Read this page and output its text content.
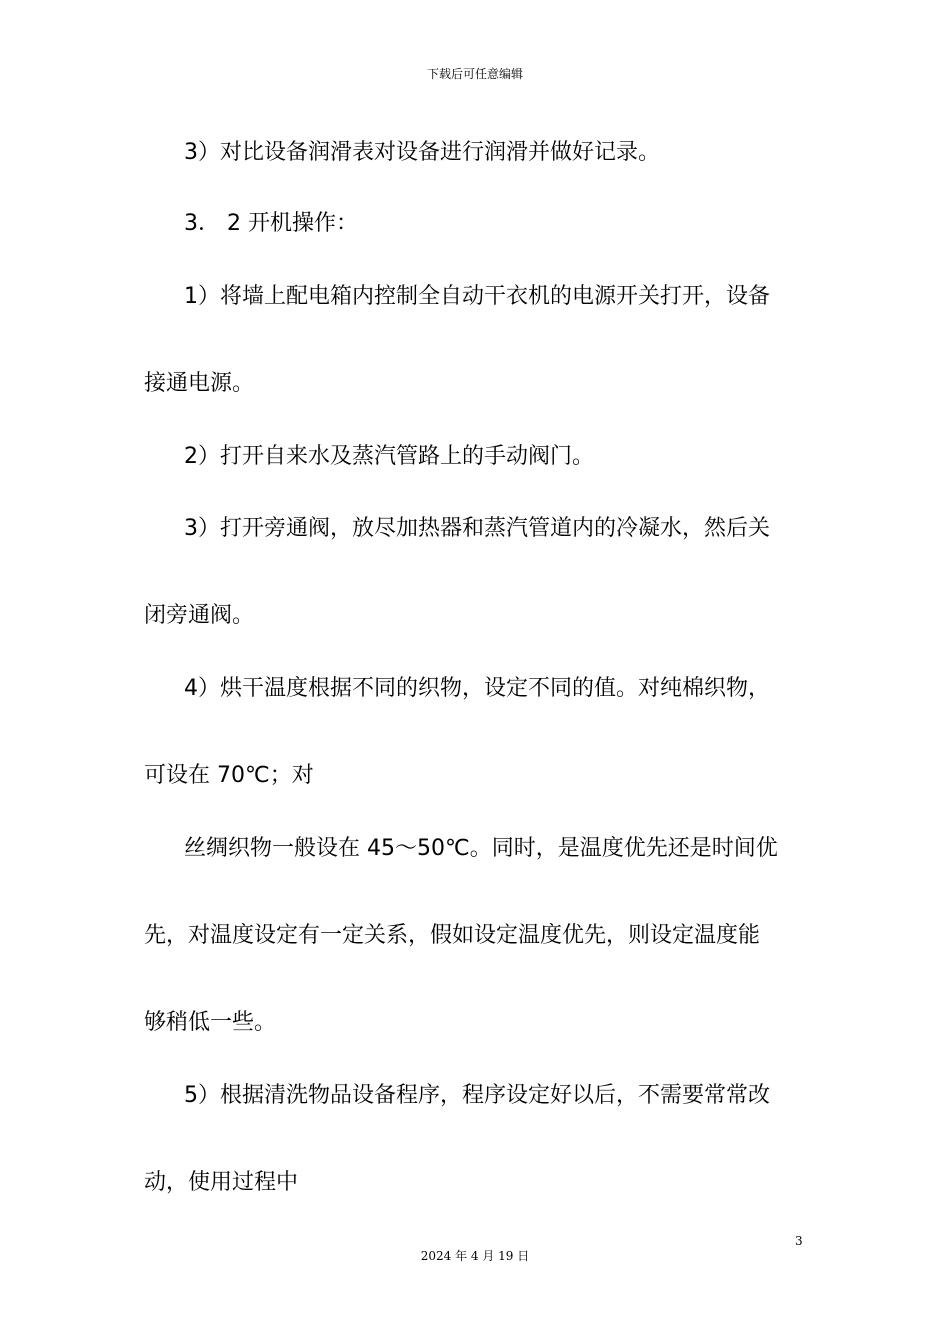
下载后可任意编辑
3）对比设备润滑表对设备进行润滑并做好记录。
3． 2 开机操作：
1）将墙上配电箱内控制全自动干衣机的电源开关打开，设备
接通电源。
2）打开自来水及蒸汽管路上的手动阀门。
3）打开旁通阀，放尽加热器和蒸汽管道内的冷凝水，然后关
闭旁通阀。
4）烘干温度根据不同的织物，设定不同的值。对纯棉织物，
可设在 70℃；对
丝绸织物一般设在 45～50℃。同时，是温度优先还是时间优
先，对温度设定有一定关系，假如设定温度优先，则设定温度能
够稍低一些。
5）根据清洗物品设备程序，程序设定好以后，不需要常常改
动，使用过程中
3
2024 年 4 月 19 日
